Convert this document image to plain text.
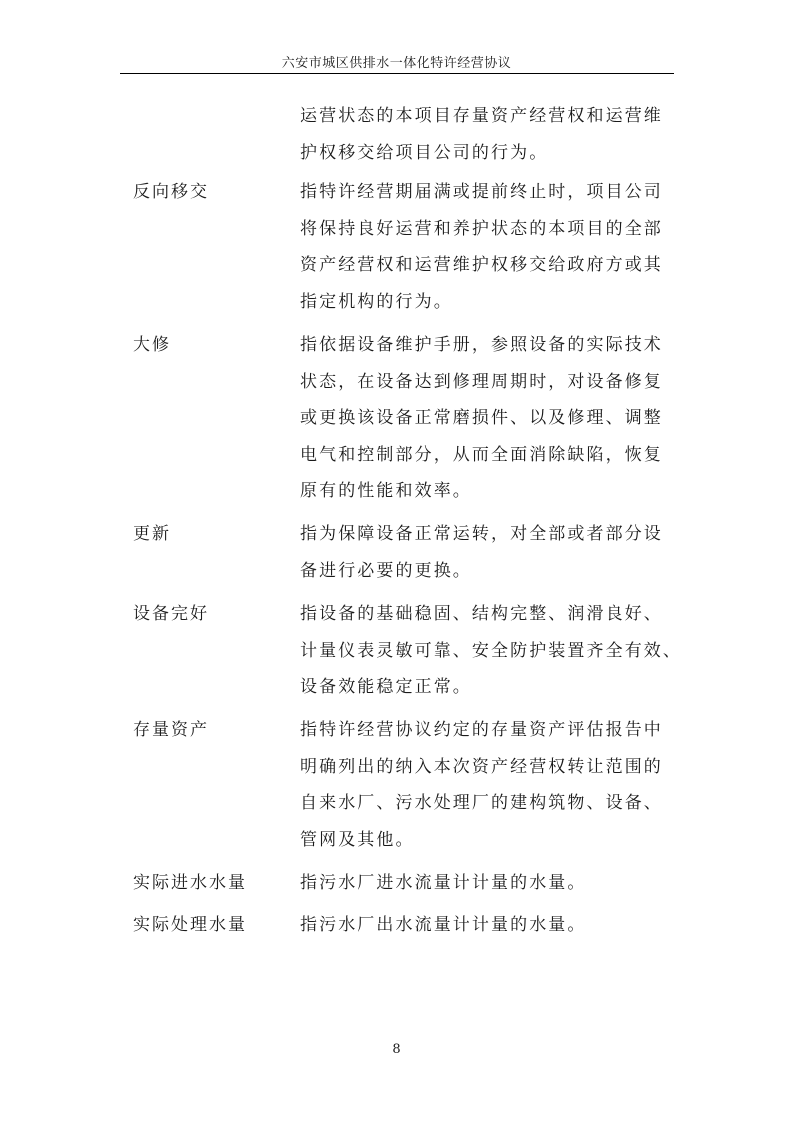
六安市城区供排水一体化特许经营协议
运营状态的本项目存量资产经营权和运营维
护权移交给项目公司的行为。
反向移交	指特许经营期届满或提前终止时，项目公司
将保持良好运营和养护状态的本项目的全部
资产经营权和运营维护权移交给政府方或其
指定机构的行为。
大修	指依据设备维护手册，参照设备的实际技术
状态，在设备达到修理周期时，对设备修复
或更换该设备正常磨损件、以及修理、调整
电气和控制部分，从而全面消除缺陷，恢复
原有的性能和效率。
更新	指为保障设备正常运转，对全部或者部分设
备进行必要的更换。
设备完好	指设备的基础稳固、结构完整、润滑良好、
计量仪表灵敏可靠、安全防护装置齐全有效、
设备效能稳定正常。
存量资产	指特许经营协议约定的存量资产评估报告中
明确列出的纳入本次资产经营权转让范围的
自来水厂、污水处理厂的建构筑物、设备、
管网及其他。
实际进水水量	指污水厂进水流量计计量的水量。
实际处理水量	指污水厂出水流量计计量的水量。
8
